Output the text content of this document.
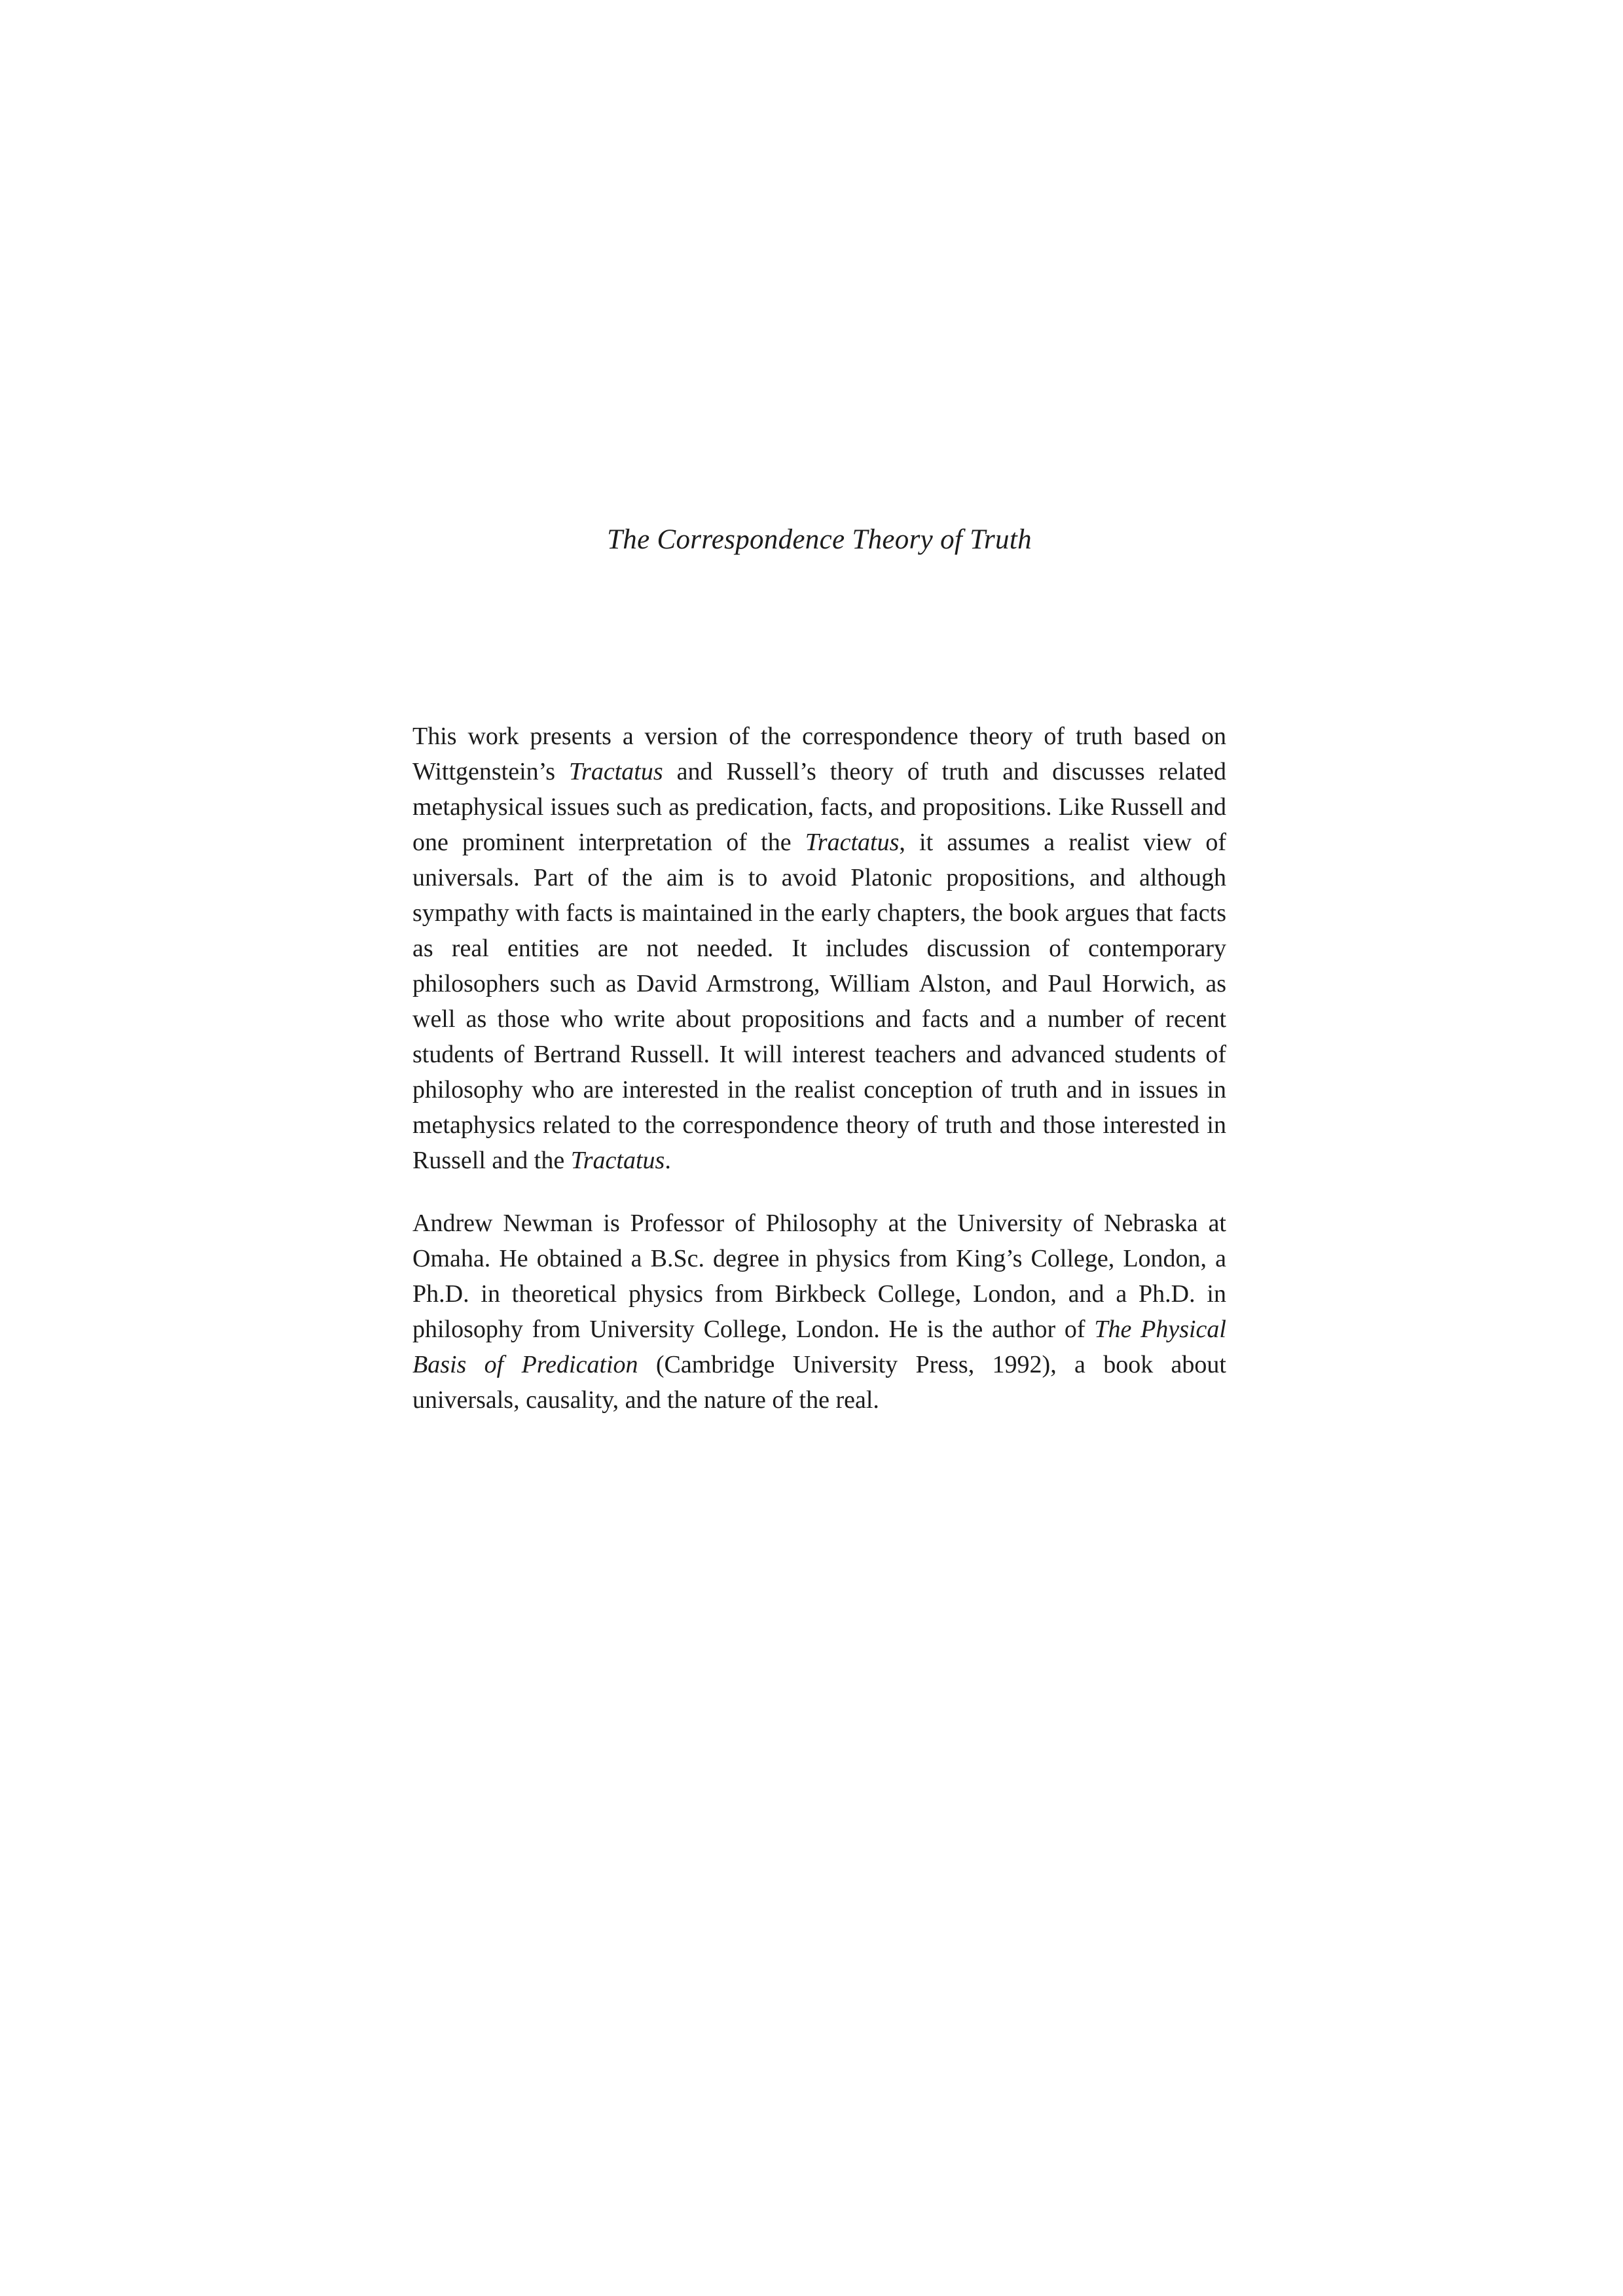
The Correspondence Theory of Truth

This work presents a version of the correspondence theory of truth based on Wittgenstein’s Tractatus and Russell’s theory of truth and discusses related metaphysical issues such as predication, facts, and propositions. Like Russell and one prominent interpretation of the Tractatus, it assumes a realist view of universals. Part of the aim is to avoid Platonic propositions, and although sympathy with facts is maintained in the early chapters, the book argues that facts as real entities are not needed. It includes discussion of contemporary philosophers such as David Armstrong, William Alston, and Paul Horwich, as well as those who write about propositions and facts and a number of recent students of Bertrand Russell. It will interest teachers and advanced students of philosophy who are interested in the realist conception of truth and in issues in metaphysics related to the correspondence theory of truth and those interested in Russell and the Tractatus.

Andrew Newman is Professor of Philosophy at the University of Nebraska at Omaha. He obtained a B.Sc. degree in physics from King’s College, London, a Ph.D. in theoretical physics from Birkbeck College, London, and a Ph.D. in philosophy from University College, London. He is the author of The Physical Basis of Predication (Cambridge University Press, 1992), a book about universals, causality, and the nature of the real.
